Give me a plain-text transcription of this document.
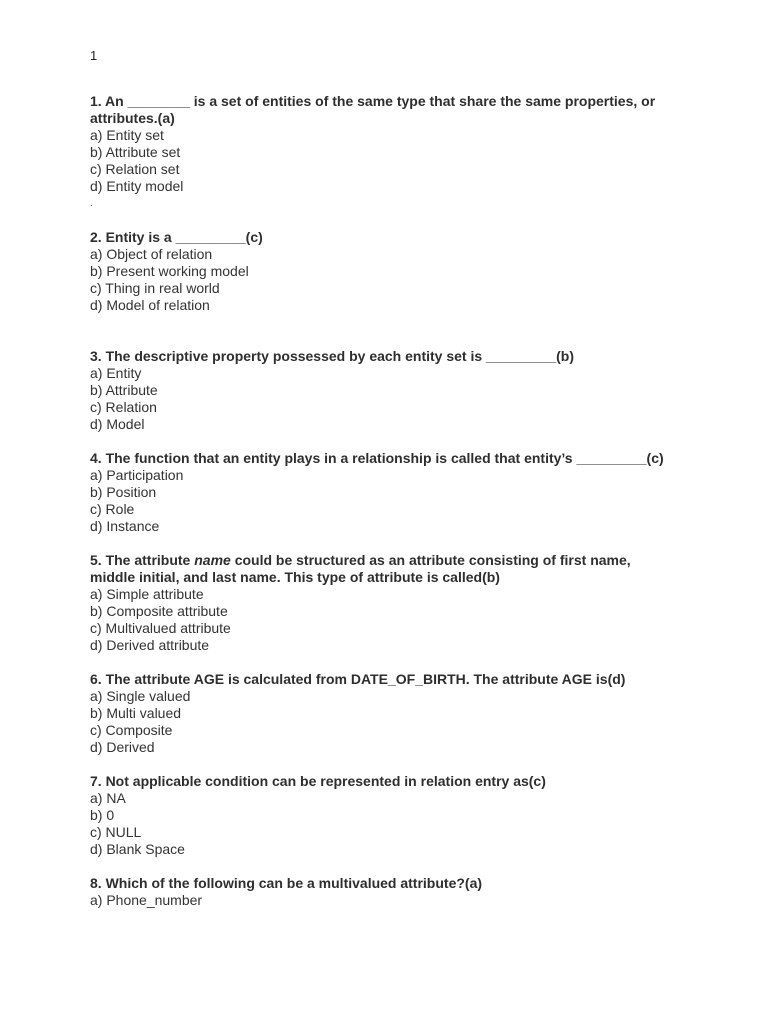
1
1. An ________ is a set of entities of the same type that share the same properties, or attributes.(a)
a) Entity set
b) Attribute set
c) Relation set
d) Entity model
.
2. Entity is a _________(c)
a) Object of relation
b) Present working model
c) Thing in real world
d) Model of relation
3. The descriptive property possessed by each entity set is _________(b)
a) Entity
b) Attribute
c) Relation
d) Model
4. The function that an entity plays in a relationship is called that entity’s _________(c)
a) Participation
b) Position
c) Role
d) Instance
5. The attribute name could be structured as an attribute consisting of first name, middle initial, and last name. This type of attribute is called(b)
a) Simple attribute
b) Composite attribute
c) Multivalued attribute
d) Derived attribute
6. The attribute AGE is calculated from DATE_OF_BIRTH. The attribute AGE is(d)
a) Single valued
b) Multi valued
c) Composite
d) Derived
7. Not applicable condition can be represented in relation entry as(c)
a) NA
b) 0
c) NULL
d) Blank Space
8. Which of the following can be a multivalued attribute?(a)
a) Phone_number
